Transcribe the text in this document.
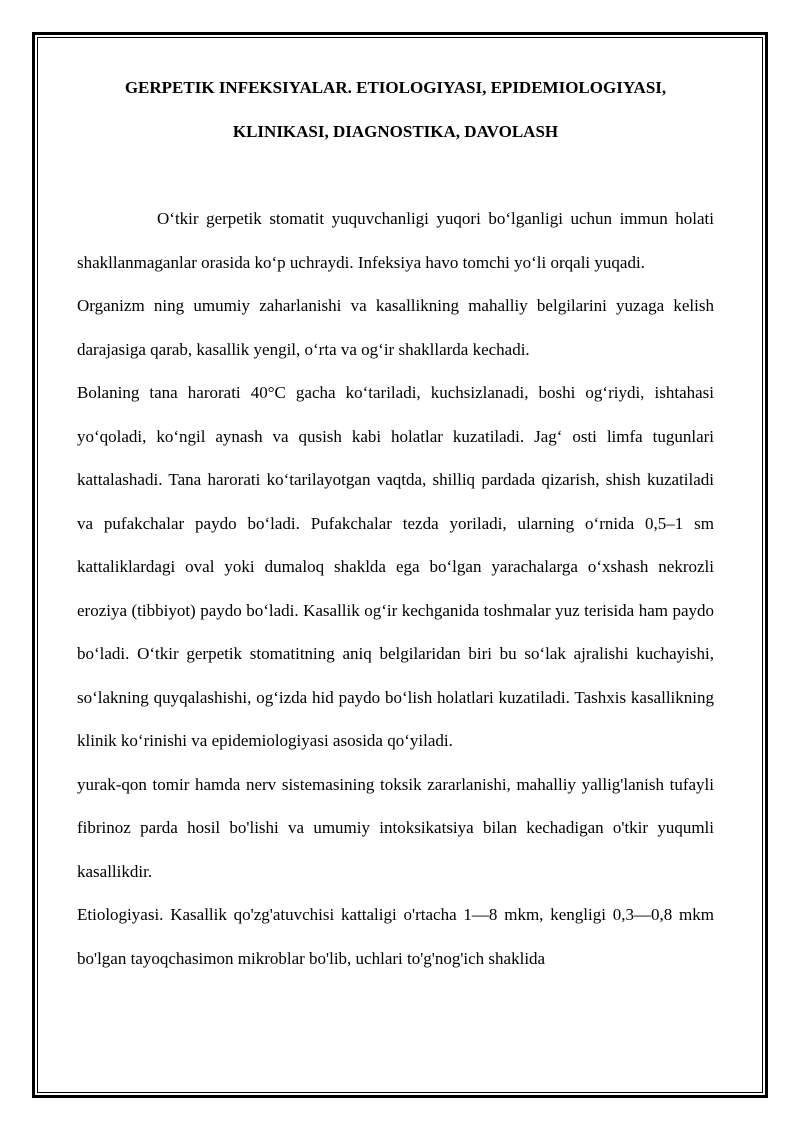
GERPETIK INFEKSIYALAR. ETIOLOGIYASI, EPIDEMIOLOGIYASI, KLINIKASI, DIAGNOSTIKA, DAVOLASH

O‘tkir gerpetik stomatit yuquvchanligi yuqori bo‘lganligi uchun immun holati shakllanmaganlar orasida ko‘p uchraydi. Infeksiya havo tomchi yo‘li orqali yuqadi.

Organizm ning umumiy zaharlanishi va kasallikning mahalliy belgilarini yuzaga kelish darajasiga qarab, kasallik yengil, o‘rta va og‘ir shakllarda kechadi.

Bolaning tana harorati 40°C gacha ko‘tariladi, kuchsizlanadi, boshi og‘riydi, ishtahasi yo‘qoladi, ko‘ngil aynash va qusish kabi holatlar kuzatiladi. Jag‘ osti limfa tugunlari kattalashadi. Tana harorati ko‘tarilayotgan vaqtda, shilliq pardada qizarish, shish kuzatiladi va pufakchalar paydo bo‘ladi. Pufakchalar tezda yoriladi, ularning o‘rnida 0,5–1 sm kattaliklardagi oval yoki dumaloq shaklda ega bo‘lgan yarachalarga o‘xshash nekrozli eroziya (tibbiyot) paydo bo‘ladi. Kasallik og‘ir kechganida toshmalar yuz terisida ham paydo bo‘ladi. O‘tkir gerpetik stomatitning aniq belgilaridan biri bu so‘lak ajralishi kuchayishi, so‘lakning quyqalashishi, og‘izda hid paydo bo‘lish holatlari kuzatiladi. Tashxis kasallikning klinik ko‘rinishi va epidemiologiyasi asosida qo‘yiladi.

yurak-qon tomir hamda nerv sistemasining toksik zararlanishi, mahalliy yallig'lanish tufayli fibrinoz parda hosil bo'lishi va umumiy intoksikatsiya bilan kechadigan o'tkir yuqumli kasallikdir.

Etiologiyasi. Kasallik qo'zg'atuvchisi kattaligi o'rtacha 1—8 mkm, kengligi 0,3—0,8 mkm bo'lgan tayoqchasimon mikroblar bo'lib, uchlari to'g'nog'ich shaklida
